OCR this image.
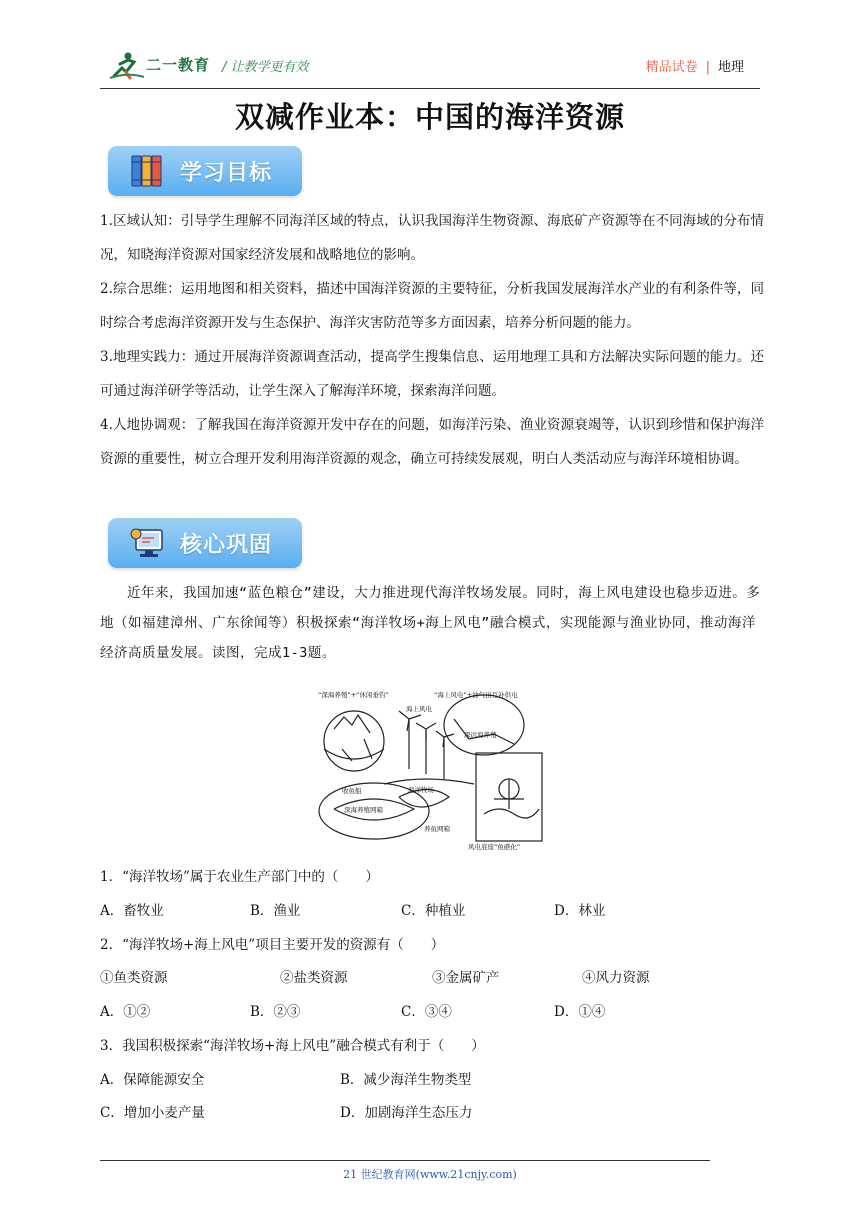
二一教育 / 让教学更有效	精品试卷 | 地理
双减作业本：中国的海洋资源
学习目标
1.区域认知：引导学生理解不同海洋区域的特点，认识我国海洋生物资源、海底矿产资源等在不同海域的分布情况，知晓海洋资源对国家经济发展和战略地位的影响。
2.综合思维：运用地图和相关资料，描述中国海洋资源的主要特征，分析我国发展海洋水产业的有利条件等，同时综合考虑海洋资源开发与生态保护、海洋灾害防范等多方面因素，培养分析问题的能力。
3.地理实践力：通过开展海洋资源调查活动，提高学生搜集信息、运用地理工具和方法解决实际问题的能力。还可通过海洋研学等活动，让学生深入了解海洋环境，探索海洋问题。
4.人地协调观：了解我国在海洋资源开发中存在的问题，如海洋污染、渔业资源衰竭等，认识到珍惜和保护海洋资源的重要性，树立合理开发利用海洋资源的观念，确立可持续发展观，明白人类活动应与海洋环境相协调。
核心巩固
近年来，我国加速“蓝色粮仓”建设，大力推进现代海洋牧场发展。同时，海上风电建设也稳步迈进。多地（如福建漳州、广东徐闻等）积极探索“海洋牧场+海上风电”融合模式，实现能源与渔业协同，推动海洋经济高质量发展。读图，完成1-3题。
“深海养殖”+“休闲垂钓”	“海上风电”+油气田互补供电
海上风电
深远海养殖
收鱼船	海洋牧场
深海养殖网箱
养鱼网箱
风电底座“鱼礁化”
1．“海洋牧场”属于农业生产部门中的（　　）
A．畜牧业	B．渔业	C．种植业	D．林业
2．“海洋牧场+海上风电”项目主要开发的资源有（　　）
①鱼类资源	②盐类资源	③金属矿产	④风力资源
A．①②	B．②③	C．③④	D．①④
3．我国积极探索“海洋牧场+海上风电”融合模式有利于（　　）
A．保障能源安全	B．减少海洋生物类型
C．增加小麦产量	D．加剧海洋生态压力
21 世纪教育网(www.21cnjy.com)
